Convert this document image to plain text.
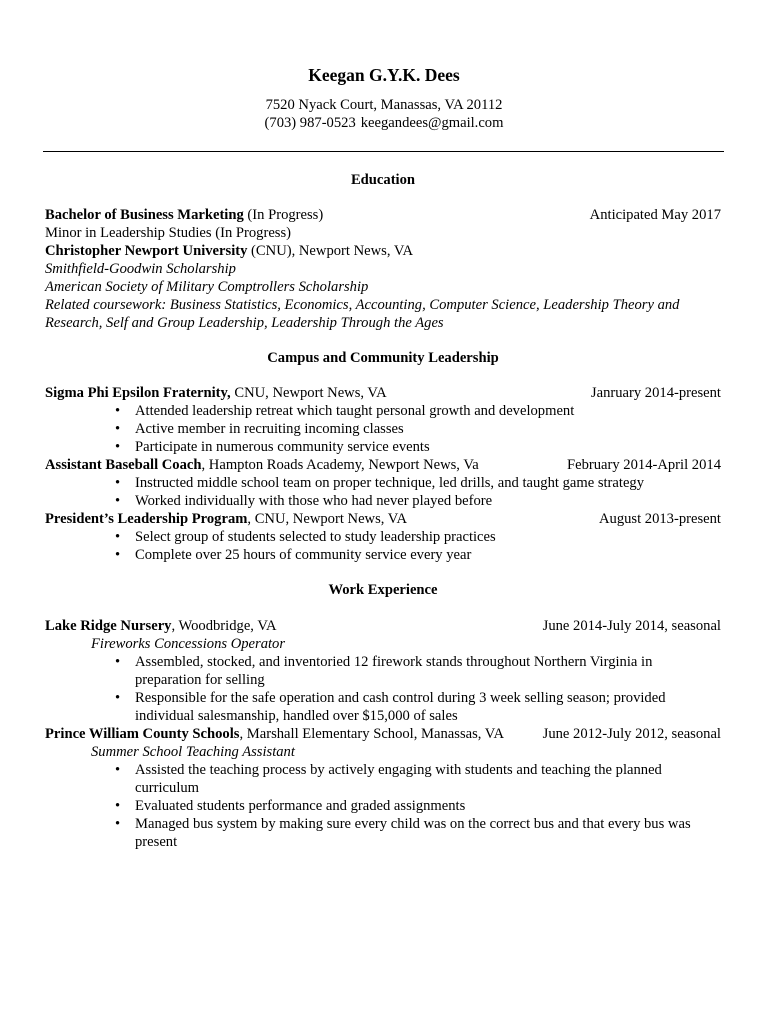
Keegan G.Y.K. Dees
7520 Nyack Court, Manassas, VA 20112
(703) 987-0523 keegandees@gmail.com
Education
Bachelor of Business Marketing (In Progress)	Anticipated May 2017
Minor in Leadership Studies (In Progress)
Christopher Newport University (CNU), Newport News, VA
Smithfield-Goodwin Scholarship
American Society of Military Comptrollers Scholarship
Related coursework: Business Statistics, Economics, Accounting, Computer Science, Leadership Theory and
Research, Self and Group Leadership, Leadership Through the Ages
Campus and Community Leadership
Sigma Phi Epsilon Fraternity, CNU, Newport News, VA	Janruary 2014-present
• Attended leadership retreat which taught personal growth and development
• Active member in recruiting incoming classes
• Participate in numerous community service events
Assistant Baseball Coach, Hampton Roads Academy, Newport News, Va	February 2014-April 2014
• Instructed middle school team on proper technique, led drills, and taught game strategy
• Worked individually with those who had never played before
President’s Leadership Program, CNU, Newport News, VA	August 2013-present
• Select group of students selected to study leadership practices
• Complete over 25 hours of community service every year
Work Experience
Lake Ridge Nursery, Woodbridge, VA	June 2014-July 2014, seasonal
Fireworks Concessions Operator
• Assembled, stocked, and inventoried 12 firework stands throughout Northern Virginia in
preparation for selling
• Responsible for the safe operation and cash control during 3 week selling season; provided
individual salesmanship, handled over $15,000 of sales
Prince William County Schools, Marshall Elementary School, Manassas, VA	June 2012-July 2012, seasonal
Summer School Teaching Assistant
• Assisted the teaching process by actively engaging with students and teaching the planned
curriculum
• Evaluated students performance and graded assignments
• Managed bus system by making sure every child was on the correct bus and that every bus was
present
